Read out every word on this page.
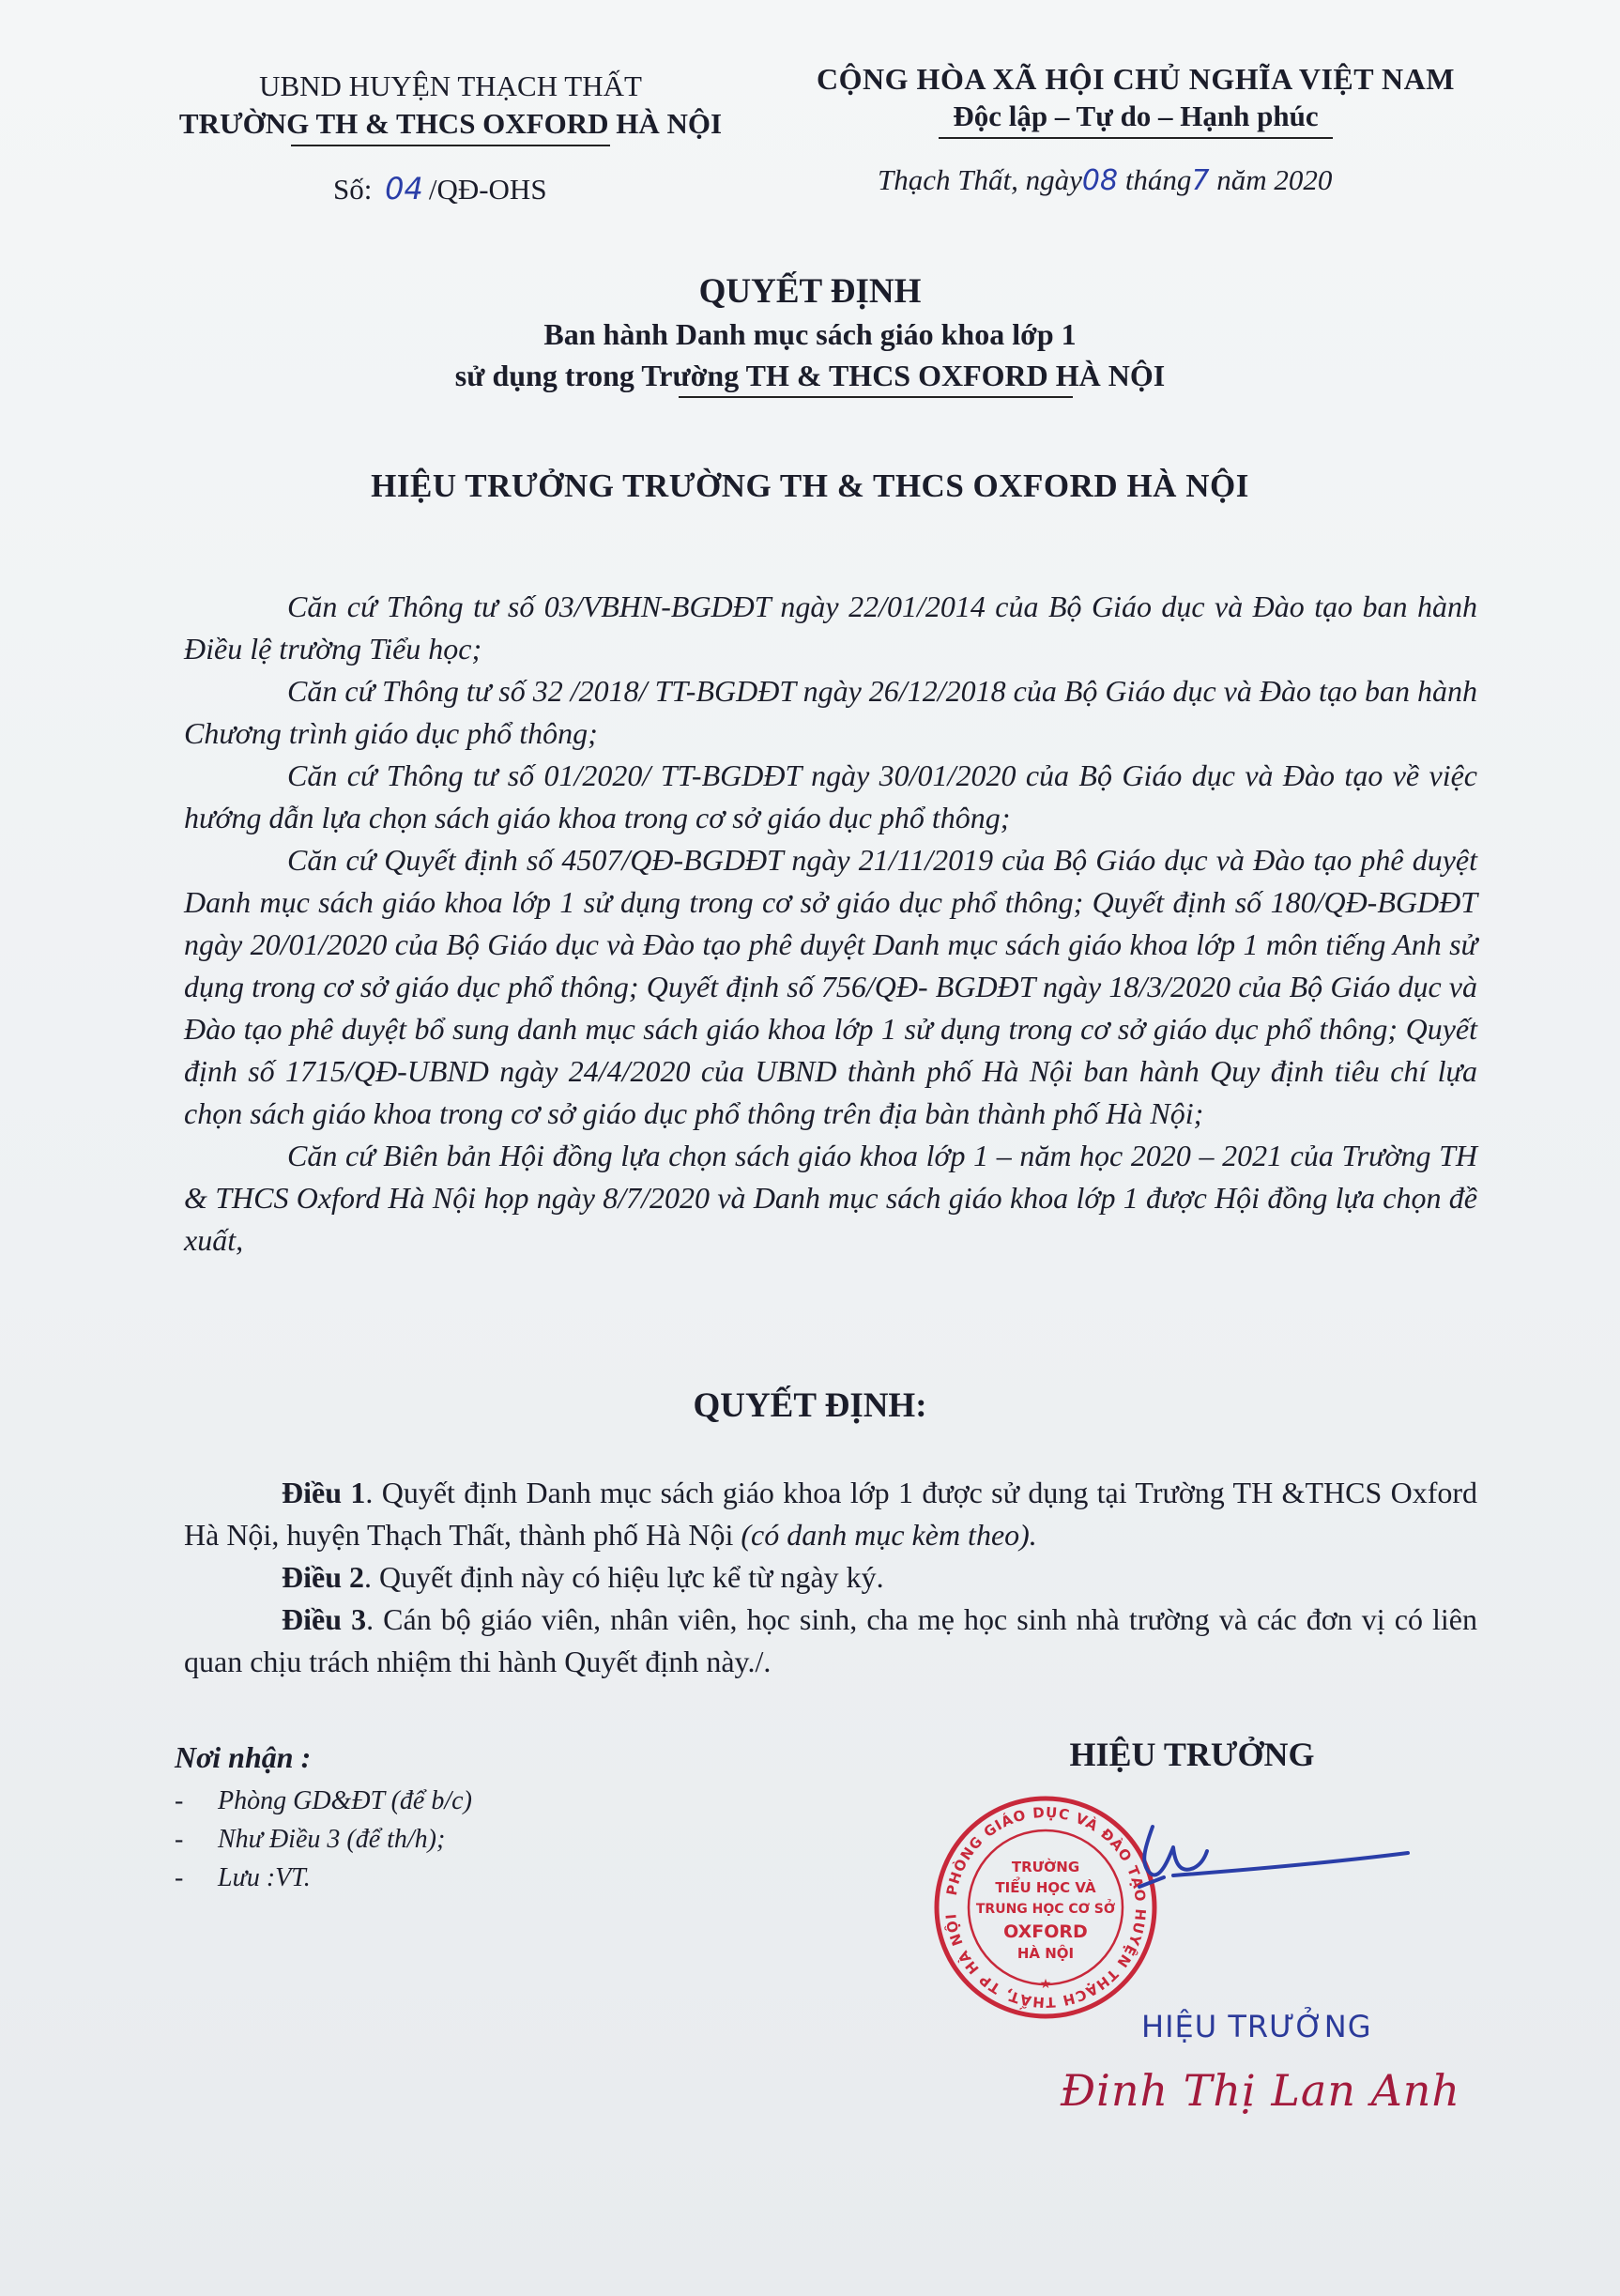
UBND HUYỆN THẠCH THẤT
TRƯỜNG TH & THCS OXFORD HÀ NỘI
CỘNG HÒA XÃ HỘI CHỦ NGHĨA VIỆT NAM
Độc lập – Tự do – Hạnh phúc
Số: 04 /QĐ-OHS	Thạch Thất, ngày08 tháng7 năm 2020
QUYẾT ĐỊNH
Ban hành Danh mục sách giáo khoa lớp 1
sử dụng trong Trường TH & THCS OXFORD HÀ NỘI
HIỆU TRƯỞNG TRƯỜNG TH & THCS OXFORD HÀ NỘI

Căn cứ Thông tư số 03/VBHN-BGDĐT ngày 22/01/2014 của Bộ Giáo dục và Đào tạo ban hành Điều lệ trường Tiểu học;

Căn cứ Thông tư số 32 /2018/ TT-BGDĐT ngày 26/12/2018 của Bộ Giáo dục và Đào tạo ban hành Chương trình giáo dục phổ thông;

Căn cứ Thông tư số 01/2020/ TT-BGDĐT ngày 30/01/2020 của Bộ Giáo dục và Đào tạo về việc hướng dẫn lựa chọn sách giáo khoa trong cơ sở giáo dục phổ thông;

Căn cứ Quyết định số 4507/QĐ-BGDĐT ngày 21/11/2019 của Bộ Giáo dục và Đào tạo phê duyệt Danh mục sách giáo khoa lớp 1 sử dụng trong cơ sở giáo dục phổ thông; Quyết định số 180/QĐ-BGDĐT ngày 20/01/2020 của Bộ Giáo dục và Đào tạo phê duyệt Danh mục sách giáo khoa lớp 1 môn tiếng Anh sử dụng trong cơ sở giáo dục phổ thông; Quyết định số 756/QĐ- BGDĐT ngày 18/3/2020 của Bộ Giáo dục và Đào tạo phê duyệt bổ sung danh mục sách giáo khoa lớp 1 sử dụng trong cơ sở giáo dục phổ thông; Quyết định số 1715/QĐ-UBND ngày 24/4/2020 của UBND thành phố Hà Nội ban hành Quy định tiêu chí lựa chọn sách giáo khoa trong cơ sở giáo dục phổ thông trên địa bàn thành phố Hà Nội;

Căn cứ Biên bản Hội đồng lựa chọn sách giáo khoa lớp 1 – năm học 2020 – 2021 của Trường TH & THCS Oxford Hà Nội họp ngày 8/7/2020 và Danh mục sách giáo khoa lớp 1 được Hội đồng lựa chọn đề xuất,

QUYẾT ĐỊNH:

Điều 1. Quyết định Danh mục sách giáo khoa lớp 1 được sử dụng tại Trường TH &THCS Oxford Hà Nội, huyện Thạch Thất, thành phố Hà Nội (có danh mục kèm theo).

Điều 2. Quyết định này có hiệu lực kể từ ngày ký.

Điều 3. Cán bộ giáo viên, nhân viên, học sinh, cha mẹ học sinh nhà trường và các đơn vị có liên quan chịu trách nhiệm thi hành Quyết định này./.

Nơi nhận :
- Phòng GD&ĐT (để b/c)
- Như Điều 3 (để th/h);
- Lưu :VT.
HIỆU TRƯỞNG
PHÒNG GIÁO DỤC VÀ ĐÀO TẠO HUYỆN THẠCH THẤT, TP HÀ NỘI
TRƯỜNG
TIỂU HỌC VÀ
TRUNG HỌC CƠ SỞ
OXFORD
HÀ NỘI
★
HIỆU TRƯỞNG
Đinh Thị Lan Anh
